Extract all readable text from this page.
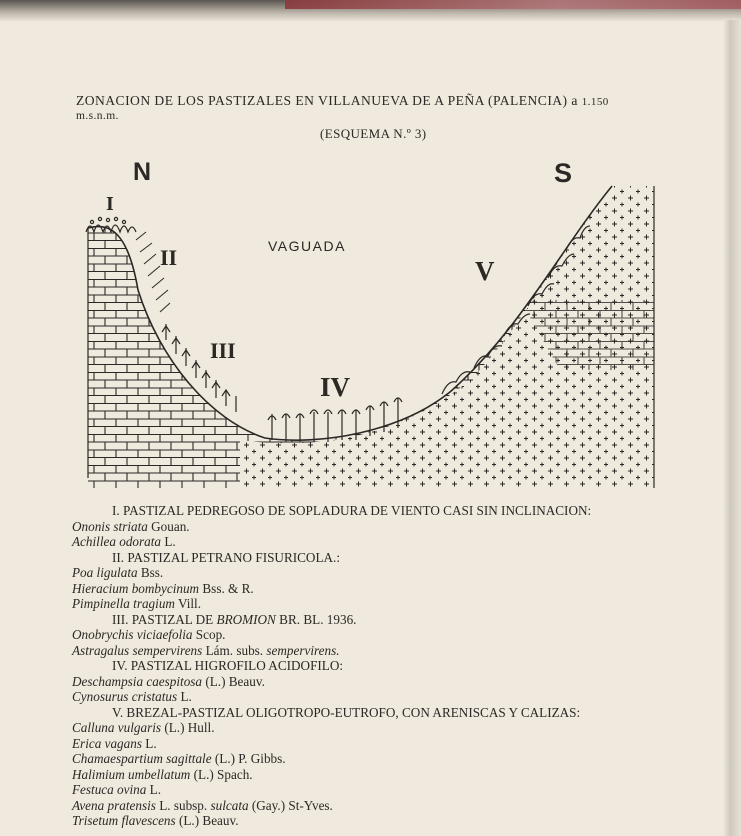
ZONACION DE LOS PASTIZALES EN VILLANUEVA DE A PEÑA (PALENCIA) a 1.150
m.s.n.m.
(ESQUEMA N.º 3)
N	S
VAGUADA
I
II
III
IV
V
I. PASTIZAL PEDREGOSO DE SOPLADURA DE VIENTO CASI SIN INCLINACION:
Ononis striata Gouan.
Achillea odorata L.
II. PASTIZAL PETRANO FISURICOLA.:
Poa ligulata Bss.
Hieracium bombycinum Bss. & R.
Pimpinella tragium Vill.
III. PASTIZAL DE BROMION BR. BL. 1936.
Onobrychis viciaefolia Scop.
Astragalus sempervirens Lám. subs. sempervirens.
IV. PASTIZAL HIGROFILO ACIDOFILO:
Deschampsia caespitosa (L.) Beauv.
Cynosurus cristatus L.
V. BREZAL-PASTIZAL OLIGOTROPO-EUTROFO, CON ARENISCAS Y CALIZAS:
Calluna vulgaris (L.) Hull.
Erica vagans L.
Chamaespartium sagittale (L.) P. Gibbs.
Halimium umbellatum (L.) Spach.
Festuca ovina L.
Avena pratensis L. subsp. sulcata (Gay.) St-Yves.
Trisetum flavescens (L.) Beauv.
